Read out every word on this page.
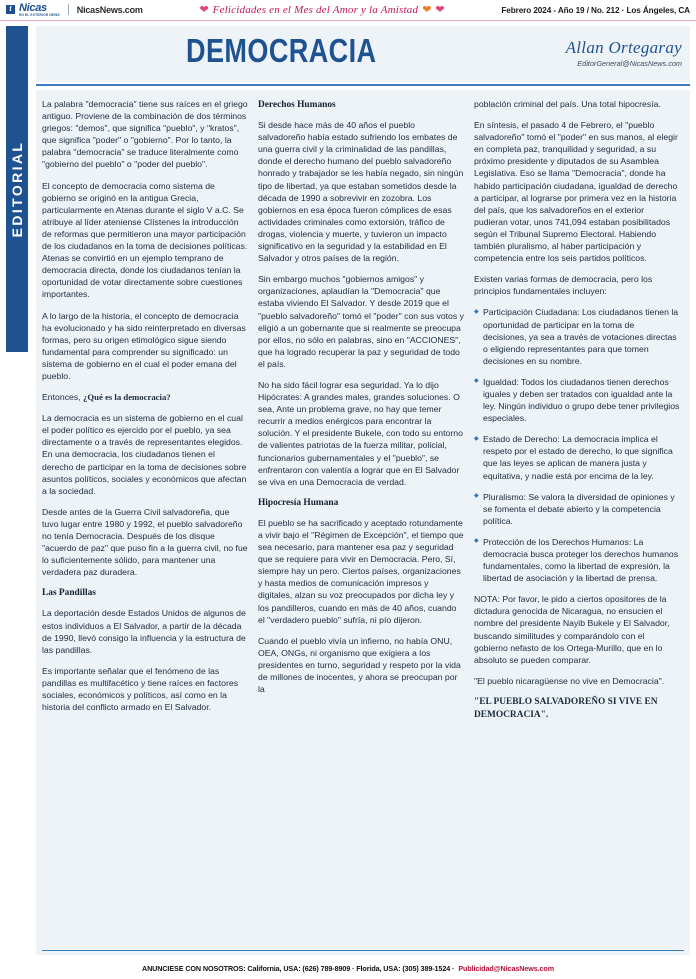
f Nicas
EN EL EXTERIOR NEWS
NicasNews.com	❤ Felicidades en el Mes del Amor y la Amistad ❤ ❤	Febrero 2024 - Año 19 / No. 212 · Los Ángeles, CA
EDITORIAL
DEMOCRACIA	Allan Ortegaray
EditorGeneral@NicasNews.com

La palabra "democracia" tiene sus raíces en el griego antiguo. Proviene de la combinación de dos términos griegos: "demos", que significa "pueblo", y "kratos", que significa "poder" o "gobierno". Por lo tanto, la palabra "democracia" se traduce literalmente como "gobierno del pueblo" o "poder del pueblo".

El concepto de democracia como sistema de gobierno se originó en la antigua Grecia, particularmente en Atenas durante el siglo V a.C. Se atribuye al líder ateniense Clístenes la introducción de reformas que permitieron una mayor participación de los ciudadanos en la toma de decisiones políticas. Atenas se convirtió en un ejemplo temprano de democracia directa, donde los ciudadanos tenían la oportunidad de votar directamente sobre cuestiones importantes.

A lo largo de la historia, el concepto de democracia ha evolucionado y ha sido reinterpretado en diversas formas, pero su origen etimológico sigue siendo fundamental para comprender su significado: un sistema de gobierno en el cual el poder emana del pueblo.

Entonces, ¿Qué es la democracia?

La democracia es un sistema de gobierno en el cual el poder político es ejercido por el pueblo, ya sea directamente o a través de representantes elegidos. En una democracia, los ciudadanos tienen el derecho de participar en la toma de decisiones sobre asuntos políticos, sociales y económicos que afectan a la sociedad.

Desde antes de la Guerra Civil salvadoreña, que tuvo lugar entre 1980 y 1992, el pueblo salvadoreño no tenía Democracia. Después de los disque "acuerdo de paz" que puso fin a la guerra civil, no fue lo suficientemente sólido, para mantener una verdadera paz duradera.

Las Pandillas

La deportación desde Estados Unidos de algunos de estos individuos a El Salvador, a partir de la década de 1990, llevó consigo la influencia y la estructura de las pandillas.

Es importante señalar que el fenómeno de las pandillas es multifacético y tiene raíces en factores sociales, económicos y políticos, así como en la historia del conflicto armado en El Salvador.

Derechos Humanos

Si desde hace más de 40 años el pueblo salvadoreño había estado sufriendo los embates de una guerra civil y la criminalidad de las pandillas, donde el derecho humano del pueblo salvadoreño honrado y trabajador se les había negado, sin ningún tipo de libertad, ya que estaban sometidos desde la década de 1990 a sobrevivir en zozobra. Los gobiernos en esa época fueron cómplices de esas actividades criminales como extorsión, tráfico de drogas, violencia y muerte, y tuvieron un impacto significativo en la seguridad y la estabilidad en El Salvador y otros países de la región.

Sin embargo muchos "gobiernos amigos" y organizaciones, aplaudían la "Democracia" que estaba viviendo El Salvador. Y desde 2019 que el "pueblo salvadoreño" tomó el "poder" con sus votos y eligió a un gobernante que si realmente se preocupa por ellos, no sólo en palabras, sino en "ACCIONES", que ha logrado recuperar la paz y seguridad de todo el país.

No ha sido fácil lograr esa seguridad. Ya lo dijo Hipócrates: A grandes males, grandes soluciones. O sea, Ante un problema grave, no hay que temer recurrir a medios enérgicos para encontrar la solución. Y el presidente Bukele, con todo su entorno de valientes patriotas de la fuerza militar, policial, funcionarios gubernamentales y el "pueblo", se enfrentaron con valentía a lograr que en El Salvador se viva en una Democracia de verdad.

Hipocresía Humana

El pueblo se ha sacrificado y aceptado rotundamente a vivir bajo el "Régimen de Excepción", el tiempo que sea necesario, para mantener esa paz y seguridad que se requiere para vivir en Democracia. Pero, Sí, siempre hay un pero. Ciertos países, organizaciones y hasta medios de comunicación impresos y digitales, alzan su voz preocupados por dicha ley y los pandilleros, cuando en más de 40 años, cuando el "verdadero pueblo" sufría, ni pío dijeron.

Cuando el pueblo vivía un infierno, no había ONU, OEA, ONGs, ni organismo que exigiera a los presidentes en turno, seguridad y respeto por la vida de millones de inocentes, y ahora se preocupan por la

población criminal del país. Una total hipocresía.

En síntesis, el pasado 4 de Febrero, el "pueblo salvadoreño" tomó el "poder" en sus manos, al elegir en completa paz, tranquilidad y seguridad, a su próximo presidente y diputados de su Asamblea Legislativa. Eso se llama "Democracia", donde ha habido participación ciudadana, igualdad de derecho a participar, al lograrse por primera vez en la historia del país, que los salvadoreños en el exterior pudieran votar, unos 741,094 estaban posibilitados según el Tribunal Supremo Electoral. Habiendo también pluralismo, al haber participación y competencia entre los seis partidos políticos.

Existen varias formas de democracia, pero los principios fundamentales incluyen:

◆ Participación Ciudadana: Los ciudadanos tienen la oportunidad de participar en la toma de decisiones, ya sea a través de votaciones directas o eligiendo representantes para que tomen decisiones en su nombre.
◆ Igualdad: Todos los ciudadanos tienen derechos iguales y deben ser tratados con igualdad ante la ley. Ningún individuo o grupo debe tener privilegios especiales.
◆ Estado de Derecho: La democracia implica el respeto por el estado de derecho, lo que significa que las leyes se aplican de manera justa y equitativa, y nadie está por encima de la ley.
◆ Pluralismo: Se valora la diversidad de opiniones y se fomenta el debate abierto y la competencia política.
◆ Protección de los Derechos Humanos: La democracia busca proteger los derechos humanos fundamentales, como la libertad de expresión, la libertad de asociación y la libertad de prensa.

NOTA: Por favor, le pido a ciertos opositores de la dictadura genocida de Nicaragua, no ensucien el nombre del presidente Nayib Bukele y El Salvador, buscando similitudes y comparándolo con el gobierno nefasto de los Ortega-Murillo, que en lo absoluto se pueden comparar.

"El pueblo nicaragüense no vive en Democracia".

"EL PUEBLO SALVADOREÑO SI VIVE EN DEMOCRACIA".

ANUNCIESE CON NOSOTROS: California, USA: (626) 789-8909 · Florida, USA: (305) 389-1524 · Publicidad@NicasNews.com
